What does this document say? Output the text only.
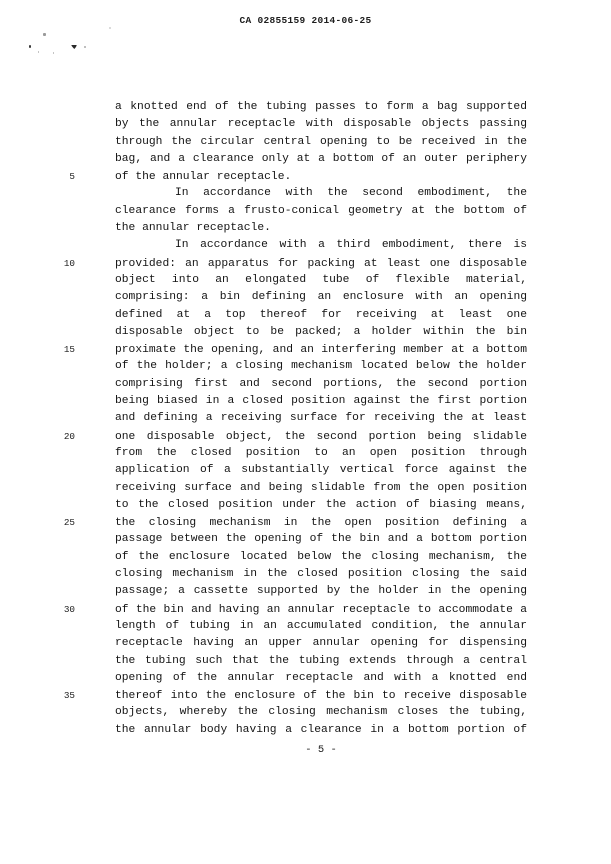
CA 02855159 2014-06-25
a knotted end of the tubing passes to form a bag supported
by the annular receptacle with disposable objects passing
through the circular central opening to be received in the
bag, and a clearance only at a bottom of an outer periphery
5	of the annular receptacle.
In accordance with the second embodiment, the
clearance forms a frusto-conical geometry at the bottom of
the annular receptacle.
In accordance with a third embodiment, there is
10	provided: an apparatus for packing at least one disposable
object into an elongated tube of flexible material,
comprising: a bin defining an enclosure with an opening
defined at a top thereof for receiving at least one
disposable object to be packed; a holder within the bin
15	proximate the opening, and an interfering member at a bottom
of the holder; a closing mechanism located below the holder
comprising first and second portions, the second portion
being biased in a closed position against the first portion
and defining a receiving surface for receiving the at least
20	one disposable object, the second portion being slidable
from the closed position to an open position through
application of a substantially vertical force against the
receiving surface and being slidable from the open position
to the closed position under the action of biasing means,
25	the closing mechanism in the open position defining a
passage between the opening of the bin and a bottom portion
of the enclosure located below the closing mechanism, the
closing mechanism in the closed position closing the said
passage; a cassette supported by the holder in the opening
30	of the bin and having an annular receptacle to accommodate a
length of tubing in an accumulated condition, the annular
receptacle having an upper annular opening for dispensing
the tubing such that the tubing extends through a central
opening of the annular receptacle and with a knotted end
35	thereof into the enclosure of the bin to receive disposable
objects, whereby the closing mechanism closes the tubing,
the annular body having a clearance in a bottom portion of
- 5 -
